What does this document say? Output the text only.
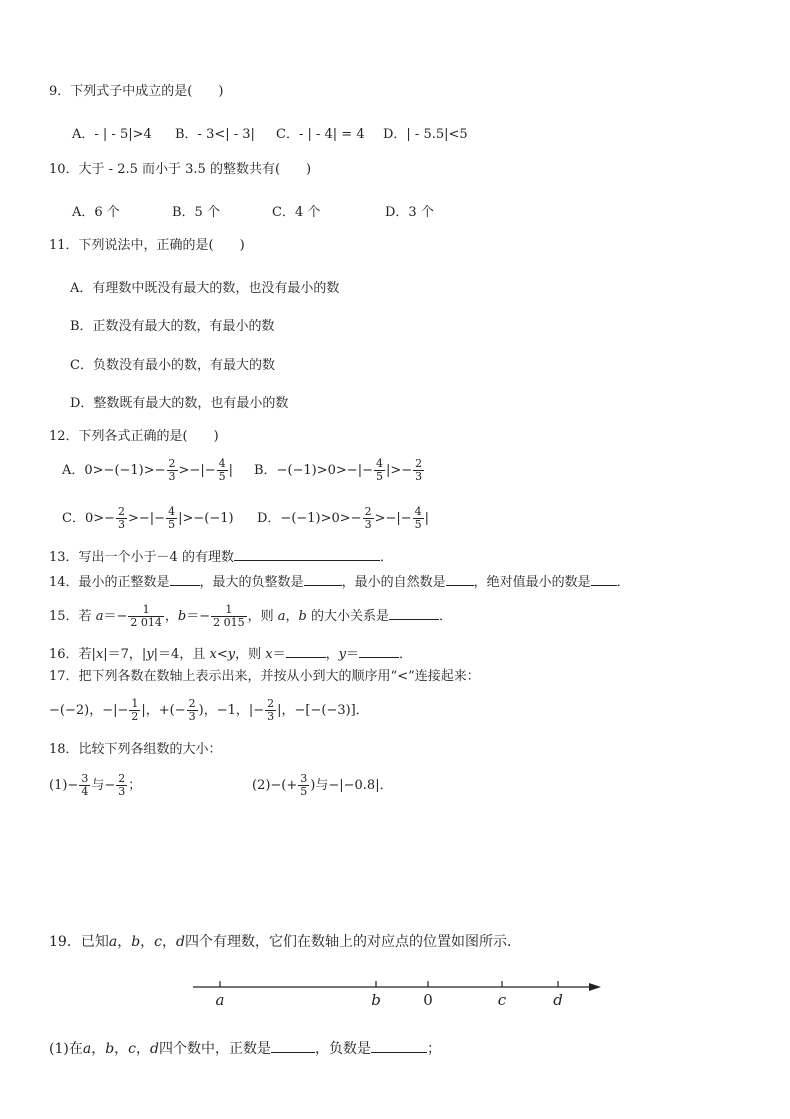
9．下列式子中成立的是(　　)
A．- | - 5|>4 B．- 3<| - 3| C．- | - 4| = 4 D．| - 5.5|<5
10．大于 - 2.5 而小于 3.5 的整数共有(　　)
A．6 个	B．5 个	C．4 个	D．3 个
11．下列说法中，正确的是(　　)
A．有理数中既没有最大的数，也没有最小的数
B．正数没有最大的数，有最小的数
C．负数没有最小的数，有最大的数
D．整数既有最大的数，也有最小的数
12．下列各式正确的是(　　)
A．$0>-(-1)>- \frac{2}{3}$ >−|− $\frac{4}{5}$ | B．$-(-1)>0>-|- \frac{4}{5}$ |>− $\frac{2}{3}$
C．$0>- \frac{2}{3}$ >−|− $\frac{4}{5} |>-(-1)$ D．$-(-1)>0>- \frac{2}{3}$ >−|− $\frac{4}{5}$ |
13．写出一个小于－4 的有理数	．
14．最小的正整数是 ，最大的负整数是	，最小的自然数是 ，绝对值最小的数是 ．
15．若 $a=- \frac{1}{2 014}$ ，$b=- \frac{1}{2 015}$ ，则 a，b 的大小关系是	．
16．若|x|＝7，|y|＝4，且 x<y，则 x＝	，y＝	．
17．把下列各数在数轴上表示出来，并按从小到大的顺序用“<”连接起来：
−(−2)，−|− $\frac{1}{2}$ |，+(− $\frac{2}{3}$ )，−1，|− $\frac{2}{3}$ |，−[−(−3)]．
18．比较下列各组数的大小：
$(1)- \frac{3}{4}$ 与− $\frac{2}{3}$ ；	$(2)-(+ \frac{3}{5}$ )与−|−0.8|．
19．已知a，b，c，d四个有理数，它们在数轴上的对应点的位置如图所示．
a	b	0	c	d
(1)在a，b，c，d四个数中，正数是	，负数是	；
